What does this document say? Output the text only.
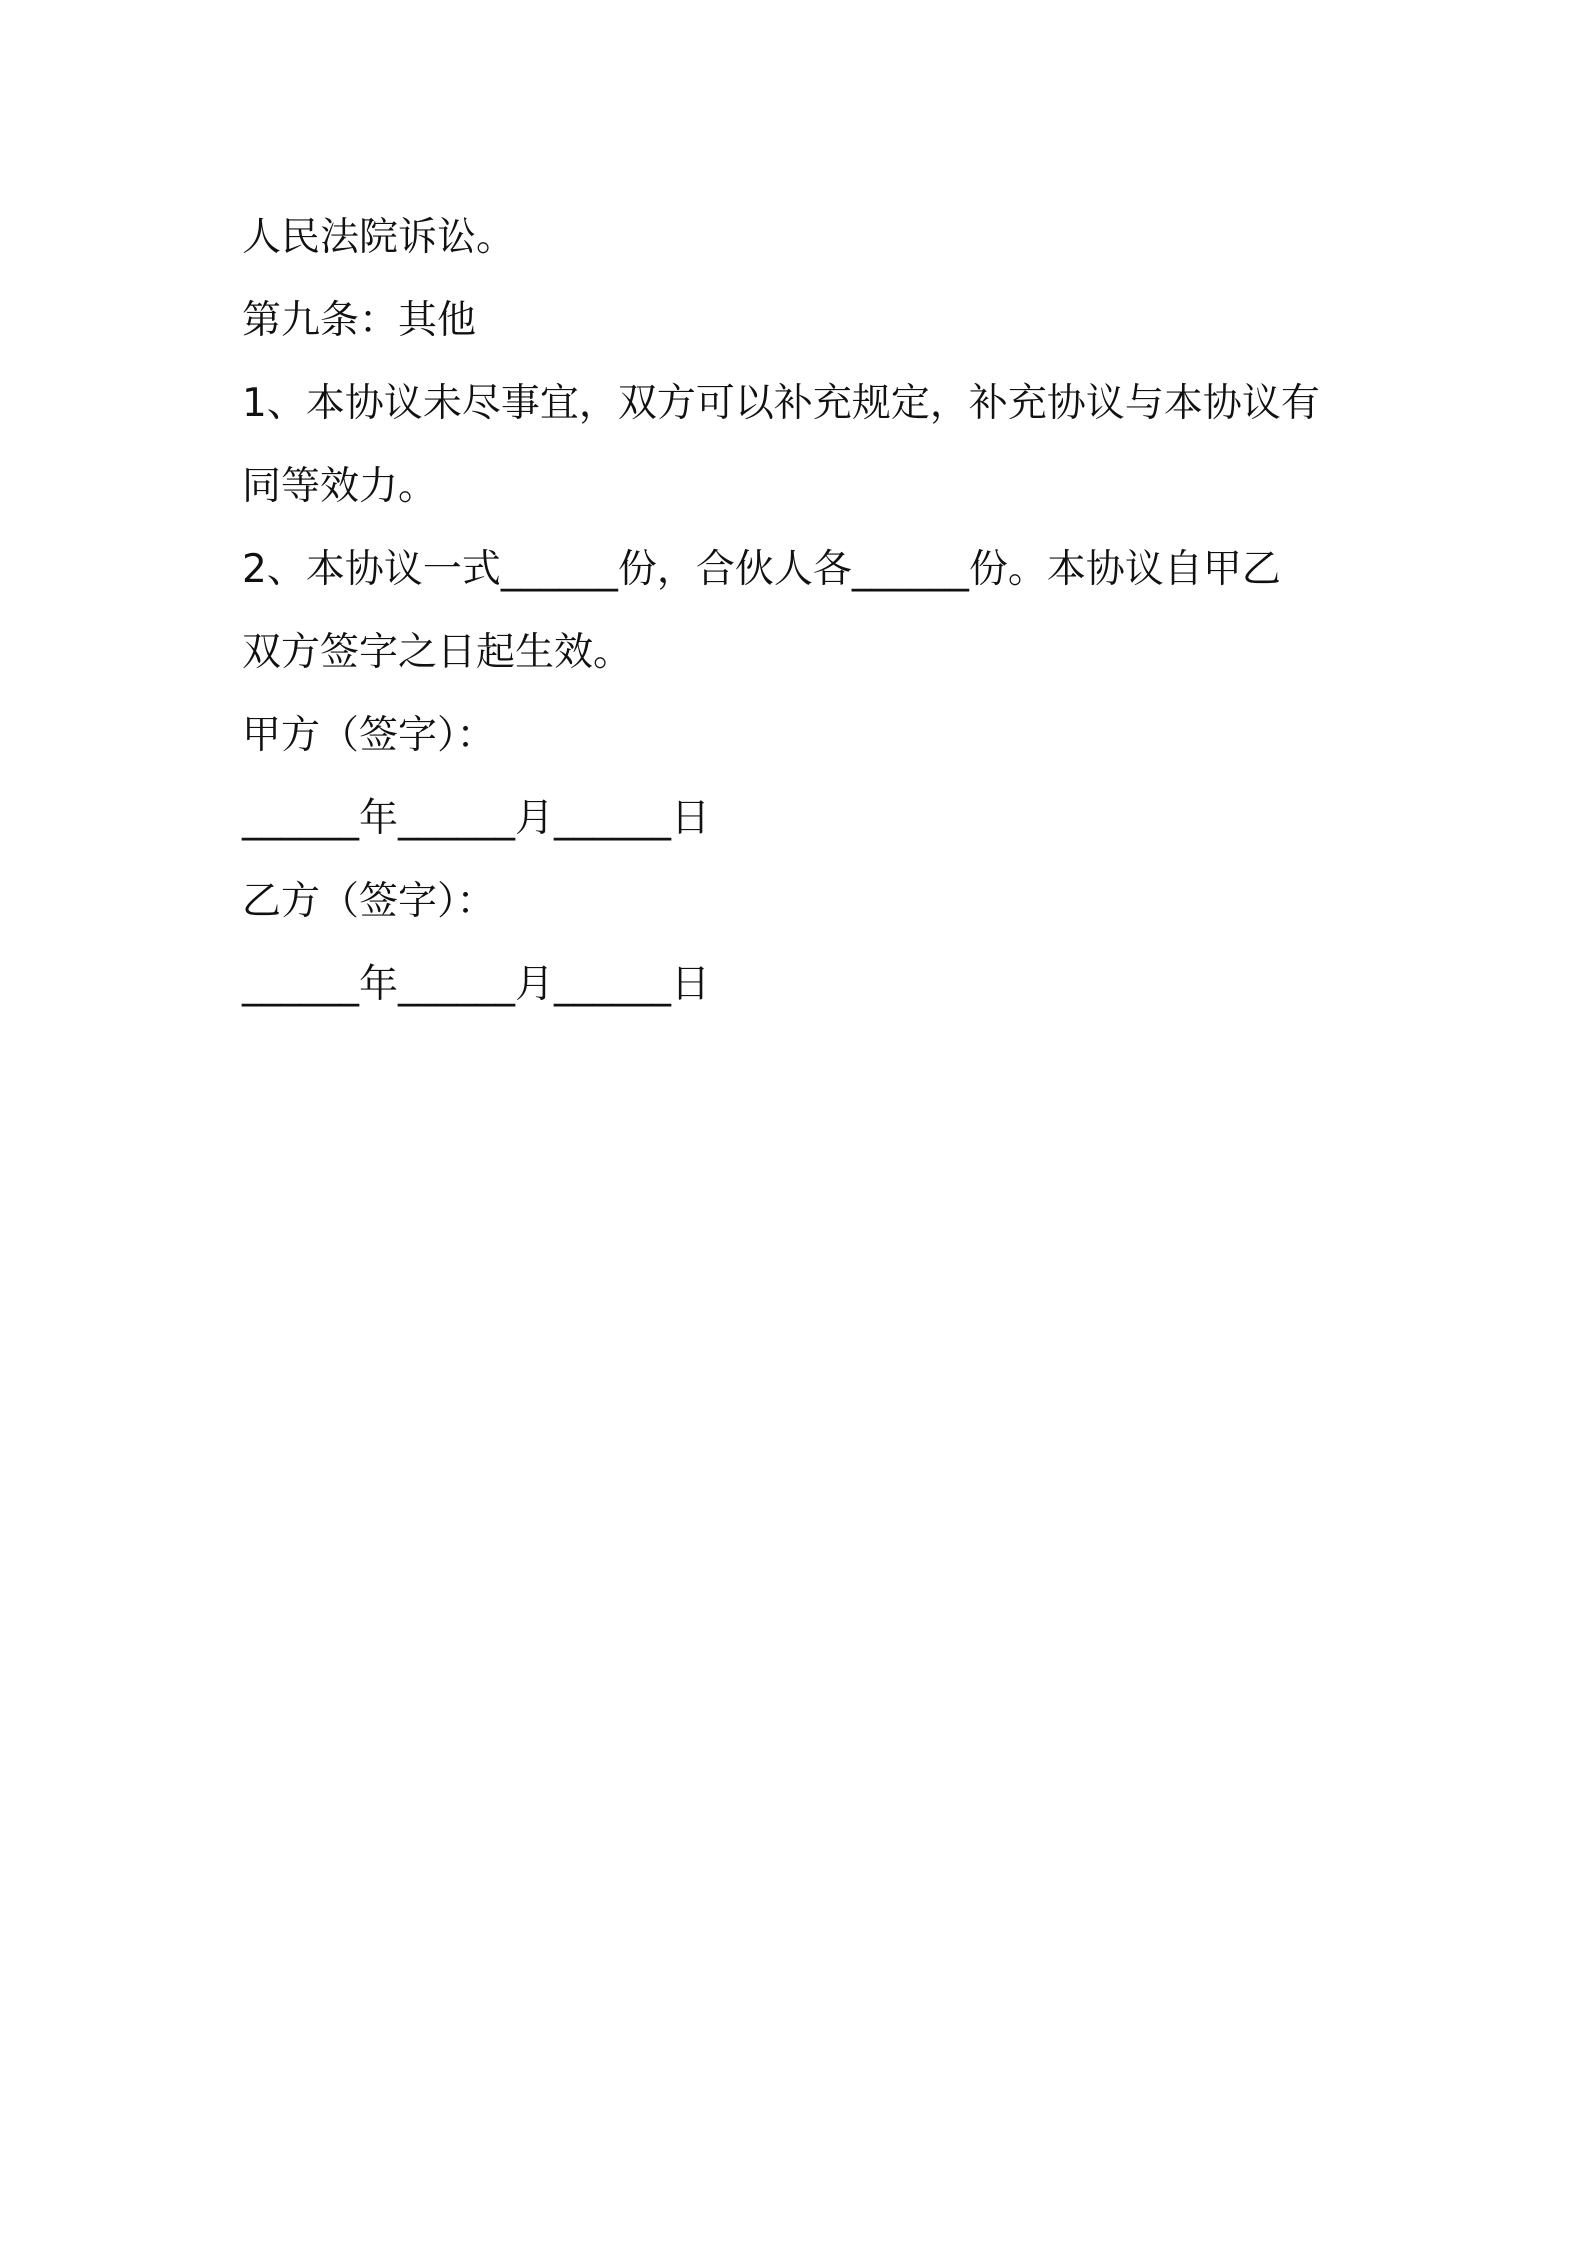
人民法院诉讼。
第九条：其他
1、本协议未尽事宜，双方可以补充规定，补充协议与本协议有
同等效力。
2、本协议一式______份，合伙人各______份。本协议自甲乙
双方签字之日起生效。
甲方（签字）：
______年______月______日
乙方（签字）：
______年______月______日
